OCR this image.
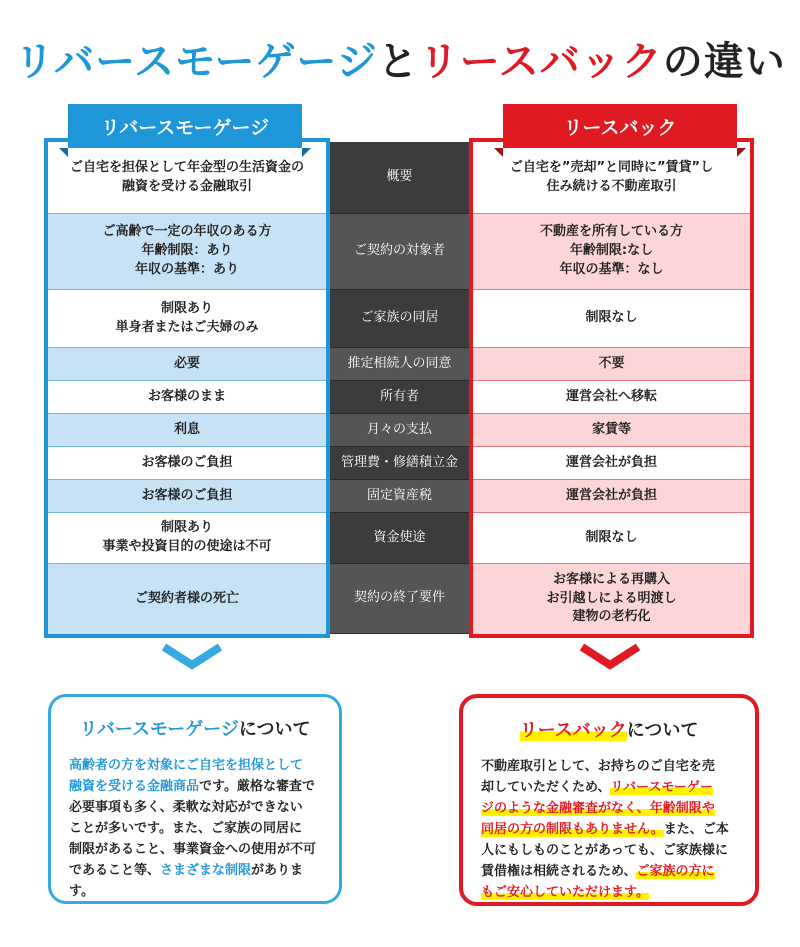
リバースモーゲージとリースバックの違い
リバースモーゲージ	リースバック
ご自宅を担保として年金型の生活資金の
融資を受ける金融取引
ご高齢で一定の年収のある方
年齢制限：あり
年収の基準：あり
制限あり
単身者またはご夫婦のみ
必要
お客様のまま
利息
お客様のご負担
お客様のご負担
制限あり
事業や投資目的の使途は不可
ご契約者様の死亡
概要
ご契約の対象者
ご家族の同居
推定相続人の同意
所有者
月々の支払
管理費・修繕積立金
固定資産税
資金使途
契約の終了要件
ご自宅を”売却”と同時に”賃貸”し
住み続ける不動産取引
不動産を所有している方
年齢制限:なし
年収の基準：なし
制限なし
不要
運営会社へ移転
家賃等
運営会社が負担
運営会社が負担
制限なし
お客様による再購入
お引越しによる明渡し
建物の老朽化
リバースモーゲージについて

高齢者の方を対象にご自宅を担保として
融資を受ける金融商品です。厳格な審査で
必要事項も多く、柔軟な対応ができない
ことが多いです。また、ご家族の同居に
制限があること、事業資金への使用が不可
であること等、さまざまな制限があります。

リースバックについて

不動産取引として、お持ちのご自宅を売
却していただくため、リバースモーゲー
ジのような金融審査がなく、年齢制限や
同居の方の制限もありません。また、ご本
人にもしものことがあっても、ご家族様に
賃借権は相続されるため、ご家族の方に
もご安心していただけます。
